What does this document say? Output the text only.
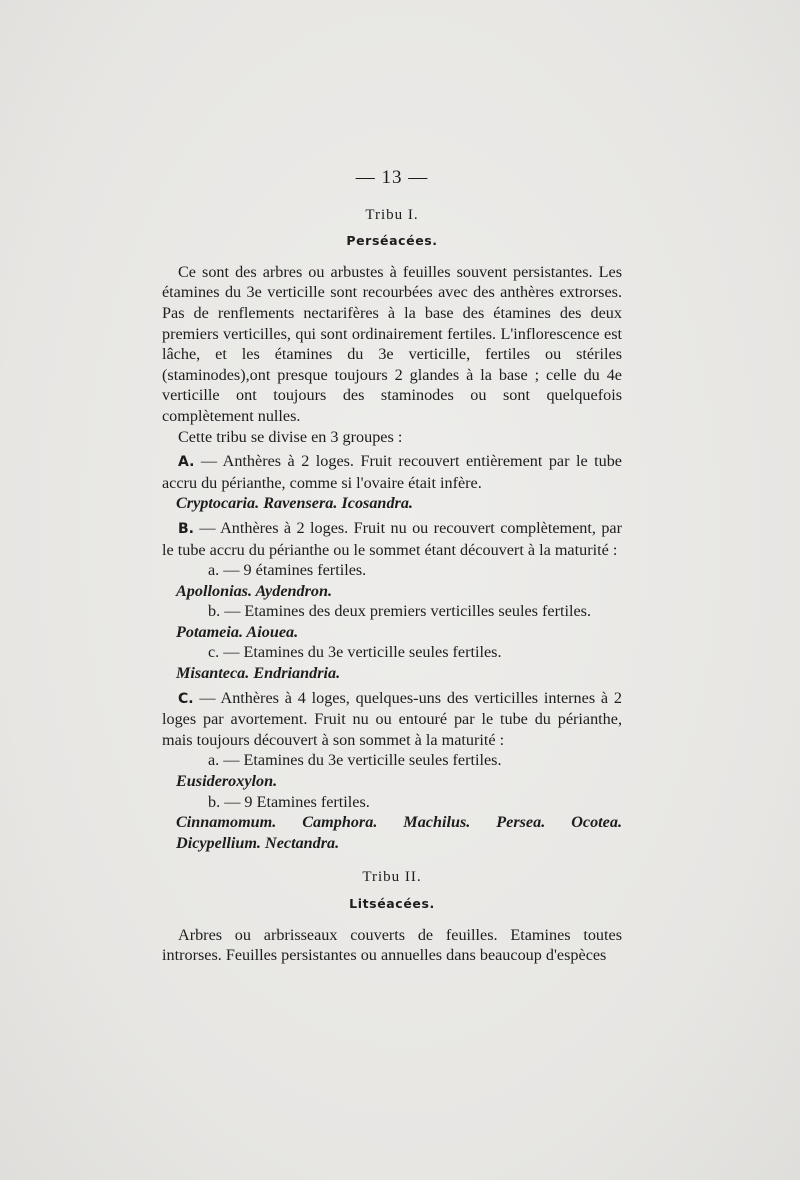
— 13 —
Tribu I.
Perséacées.

Ce sont des arbres ou arbustes à feuilles souvent persistantes. Les étamines du 3e verticille sont recourbées avec des anthères extrorses. Pas de renflements nectarifères à la base des étamines des deux premiers verticilles, qui sont ordinairement fertiles. L'inflorescence est lâche, et les étamines du 3e verticille, fertiles ou stériles (staminodes),ont presque toujours 2 glandes à la base ; celle du 4e verticille ont toujours des staminodes ou sont quelquefois complètement nulles.

Cette tribu se divise en 3 groupes :

A. — Anthères à 2 loges. Fruit recouvert entièrement par le tube accru du périanthe, comme si l'ovaire était infère.

Cryptocaria. Ravensera. Icosandra.

B. — Anthères à 2 loges. Fruit nu ou recouvert complètement, par le tube accru du périanthe ou le sommet étant découvert à la maturité :

a. — 9 étamines fertiles.

Apollonias. Aydendron.

b. — Etamines des deux premiers verticilles seules fertiles.

Potameia. Aiouea.

c. — Etamines du 3e verticille seules fertiles.

Misanteca. Endriandria.

C. — Anthères à 4 loges, quelques-uns des verticilles internes à 2 loges par avortement. Fruit nu ou entouré par le tube du périanthe, mais toujours découvert à son sommet à la maturité :

a. — Etamines du 3e verticille seules fertiles.

Eusideroxylon.

b. — 9 Etamines fertiles.

Cinnamomum. Camphora. Machilus. Persea. Ocotea. Dicypellium. Nectandra.

Tribu II.
Litséacées.

Arbres ou arbrisseaux couverts de feuilles. Etamines toutes introrses. Feuilles persistantes ou annuelles dans beaucoup d'espèces
